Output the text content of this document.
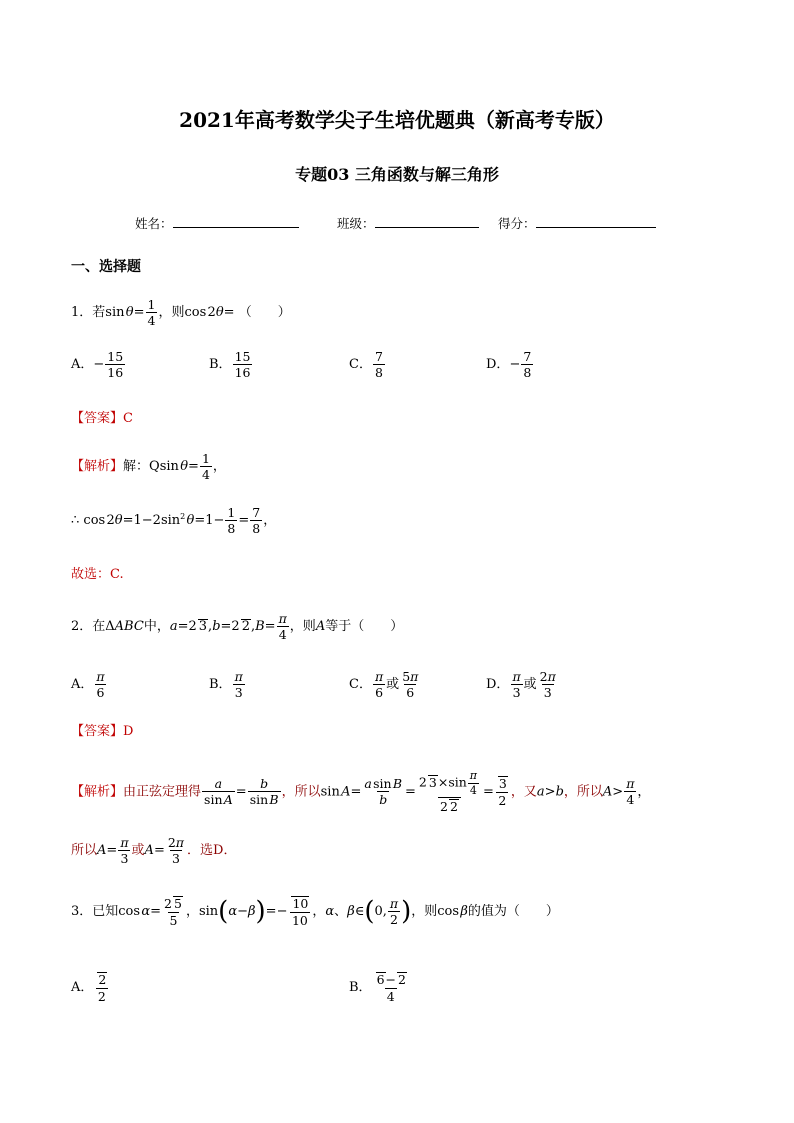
2021年高考数学尖子生培优题典（新高考专版）
专题03 三角函数与解三角形
姓名：	班级：	得分：
一、选择题
1．若sin $\theta= \frac{1}{4}$ ，则cos 2θ= （　　）
A．− $\frac{15}{16}$	B． $\frac{15}{16}$	C． $\frac{7}{8}$	D．− $\frac{7}{8}$
【答案】C
【解析】解：Qsin $\theta= \frac{1}{4}$ ，
∴ cos $2\theta=1-2\sin^2$ $\theta=1- \frac{1}{8} = \frac{7}{8}$ ，
故选：C.
2．在ΔABC中，a=2 3,b=2 $2,B= \frac{\pi}{4}$ ，则A等于（　　）
A． $\frac{\pi}{6}$	B． $\frac{\pi}{3}$	C． $\frac{\pi}{6}$ 或 $\frac{5\pi}{6}$	D． $\frac{\pi}{3}$ 或 $\frac{2\pi}{3}$
【答案】D
【解析】由正弦定理得 $\frac{a}{\text{sin A}} = \frac{b}{\text{sin B}}$ ，所以sin $A= \frac{\text{a sin B}}{b} = \frac{2 3\times\sin \frac{\pi}{4}}{2 2} = \frac{3}{2}$ ，又a>b，所以$A> \frac{\pi}{4}$ ，
所以$A= \frac{\pi}{3}$ 或$A= \frac{2\pi}{3}$ ．选D．
3．已知cos $\alpha= \frac{2 5}{5}$ ，$\sin(\alpha-\beta)=- \frac{10}{10}$ ，α、β∈(0, $\frac{\pi}{2}$ )，则cos β的值为（　　）
A． $\frac{2}{2}$	B． $\frac{6- 2}{4}$
